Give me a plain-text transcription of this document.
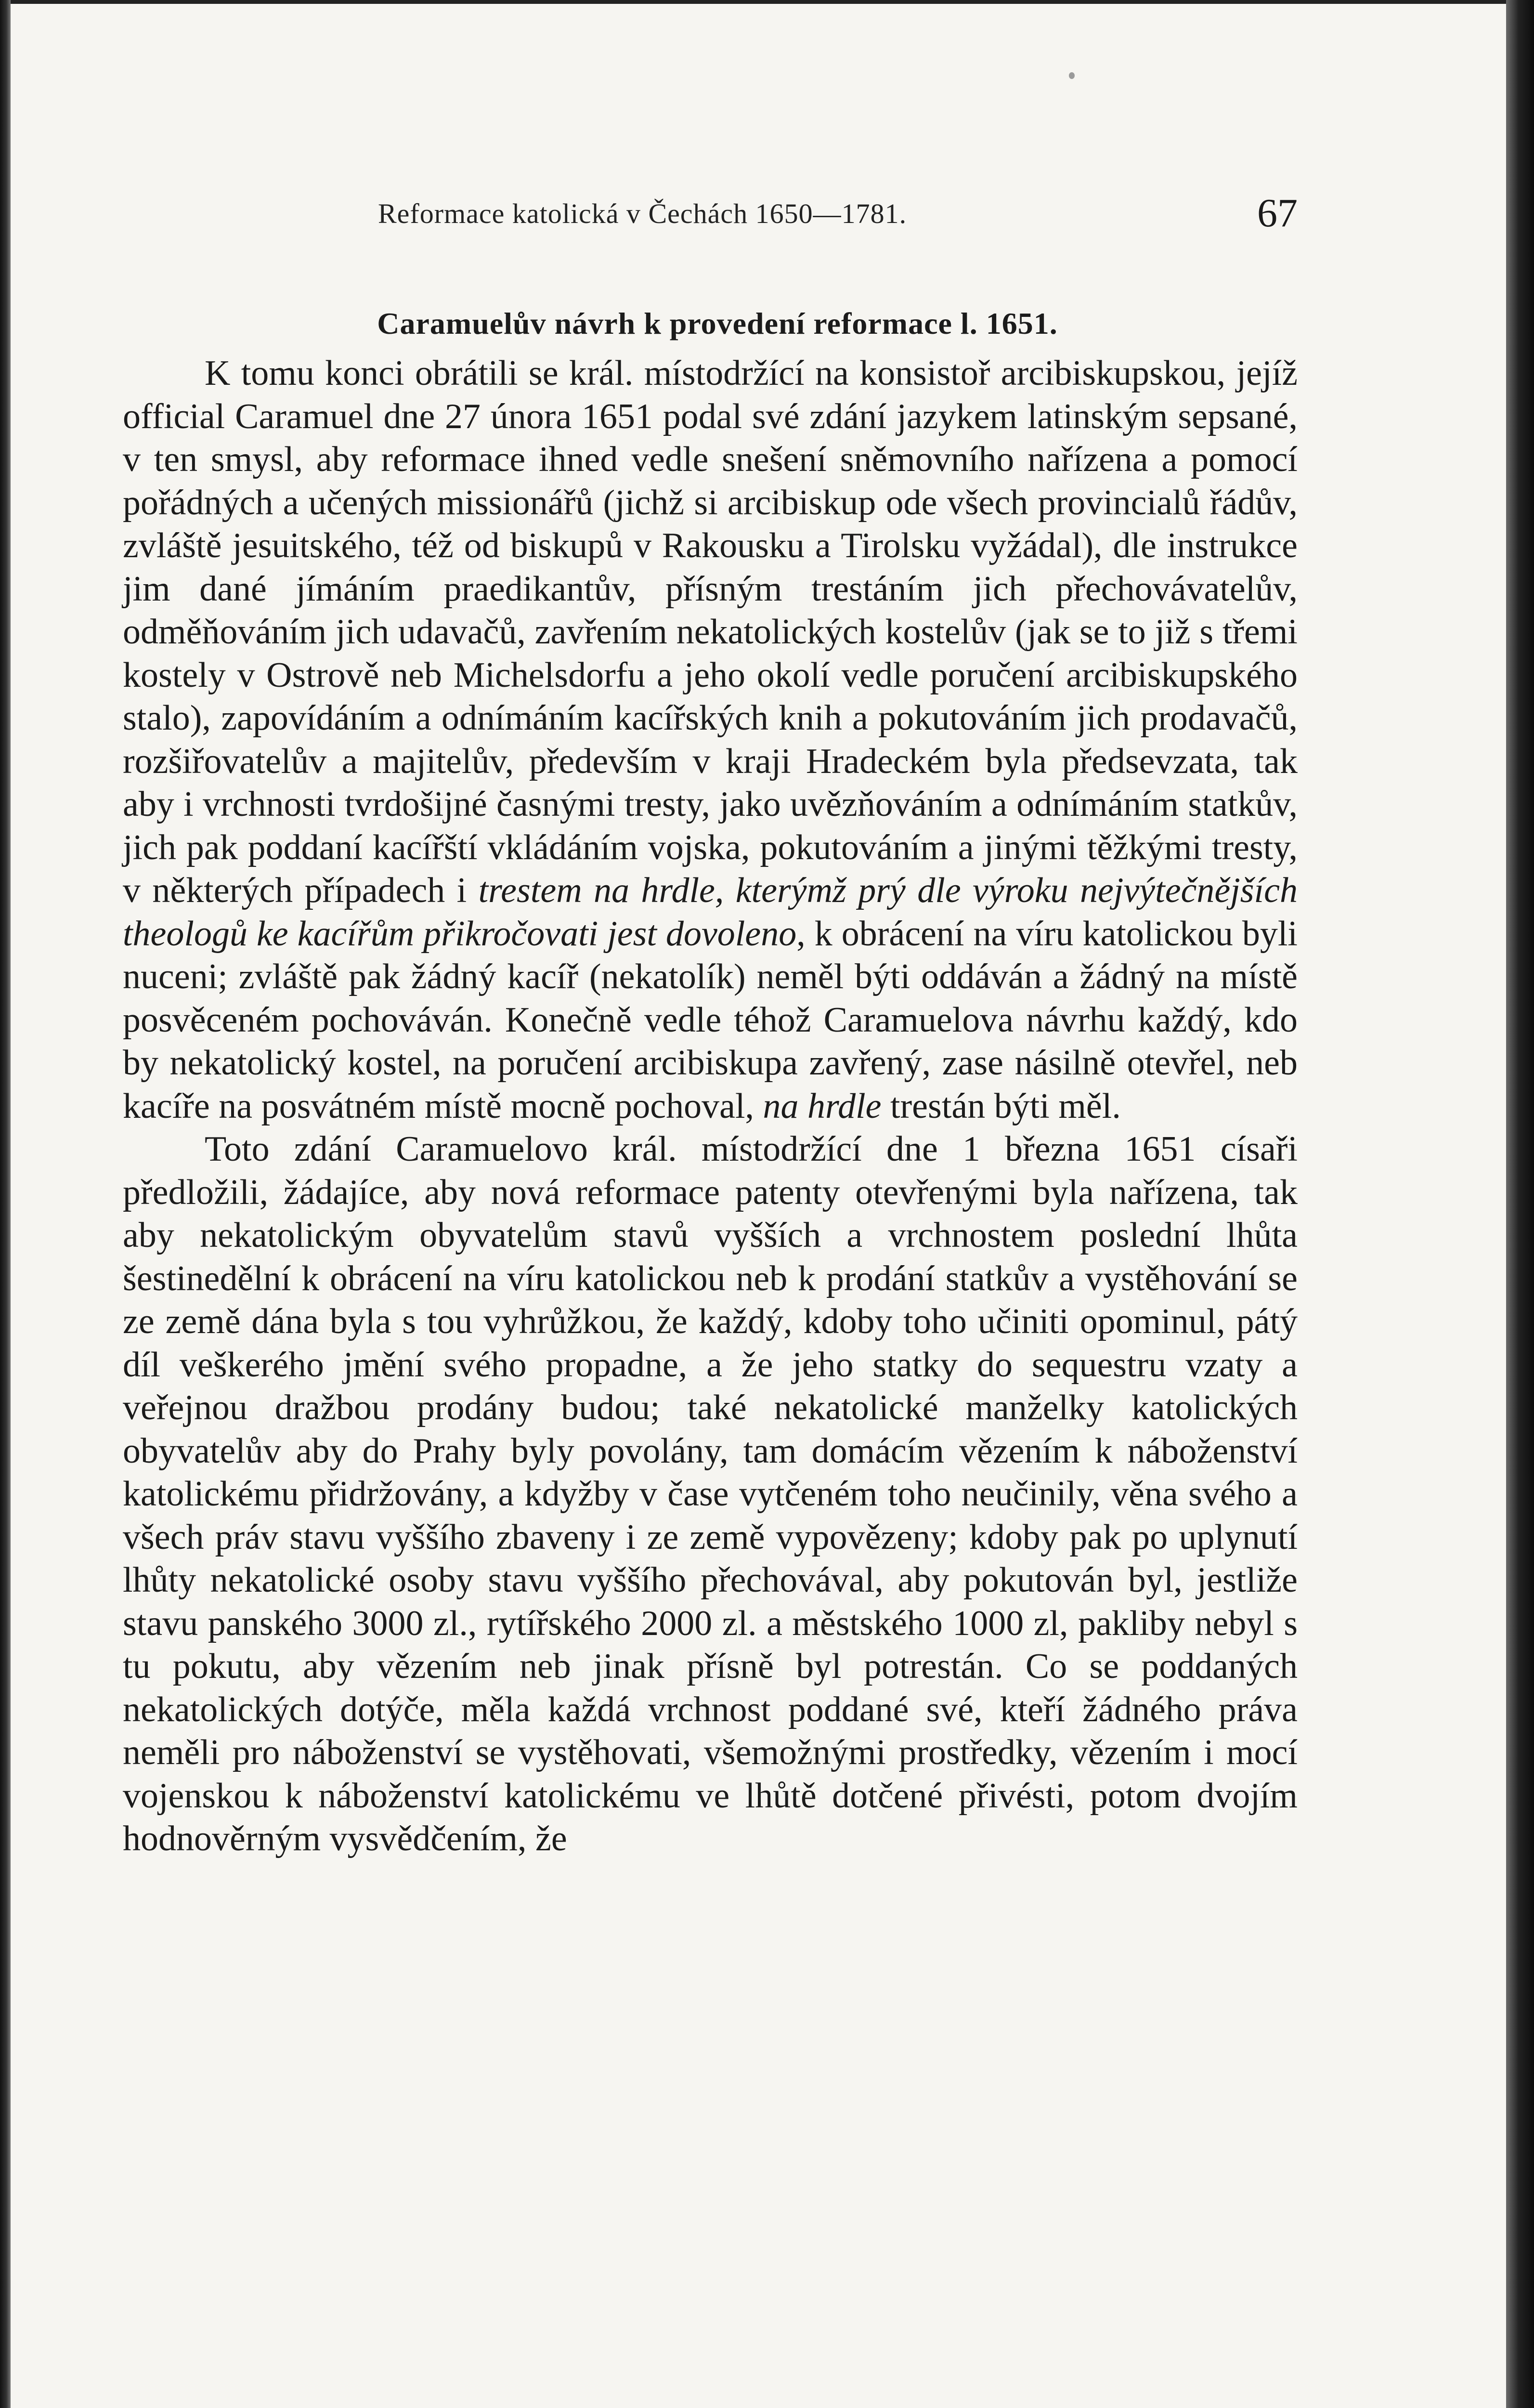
Reformace katolická v Čechách 1650—1781.	67
Caramuelův návrh k provedení reformace l. 1651.

K tomu konci obrátili se král. místodržící na konsistoř arcibiskupskou, jejíž official Caramuel dne 27 února 1651 podal své zdání jazykem latinským sepsané, v ten smysl, aby reformace ihned vedle snešení sněmovního nařízena a pomocí pořádných a učených missionářů (jichž si arcibiskup ode všech provincialů řádův, zvláště jesuitského, též od biskupů v Rakousku a Tirolsku vyžádal), dle instrukce jim dané jímáním praedikantův, přísným trestáním jich přechovávatelův, odměňováním jich udavačů, zavřením nekatolických kostelův (jak se to již s třemi kostely v Ostrově neb Michelsdorfu a jeho okolí vedle poručení arcibiskupského stalo), zapovídáním a odnímáním kacířských knih a pokutováním jich prodavačů, rozšiřovatelův a majitelův, především v kraji Hradeckém byla předsevzata, tak aby i vrchnosti tvrdošijné časnými tresty, jako uvězňováním a odnímáním statkův, jich pak poddaní kacířští vkládáním vojska, pokutováním a jinými těžkými tresty, v některých případech i trestem na hrdle, kterýmž prý dle výroku nejvýtečnějších theologů ke kacířům přikročovati jest dovoleno, k obrácení na víru katolickou byli nuceni; zvláště pak žádný kacíř (nekatolík) neměl býti oddáván a žádný na místě posvěceném pochováván. Konečně vedle téhož Caramuelova návrhu každý, kdo by nekatolický kostel, na poručení arcibiskupa zavřený, zase násilně otevřel, neb kacíře na posvátném místě mocně pochoval, na hrdle trestán býti měl.

Toto zdání Caramuelovo král. místodržící dne 1 března 1651 císaři předložili, žádajíce, aby nová reformace patenty otevřenými byla nařízena, tak aby nekatolickým obyvatelům stavů vyšších a vrchnostem poslední lhůta šestinedělní k obrácení na víru katolickou neb k prodání statkův a vystěhování se ze země dána byla s tou vyhrůžkou, že každý, kdoby toho učiniti opominul, pátý díl veškerého jmění svého propadne, a že jeho statky do sequestru vzaty a veřejnou dražbou prodány budou; také nekatolické manželky katolických obyvatelův aby do Prahy byly povolány, tam domácím vězením k náboženství katolickému přidržovány, a kdyžby v čase vytčeném toho neučinily, věna svého a všech práv stavu vyššího zbaveny i ze země vypovězeny; kdoby pak po uplynutí lhůty nekatolické osoby stavu vyššího přechovával, aby pokutován byl, jestliže stavu panského 3000 zl., rytířského 2000 zl. a městského 1000 zl, pakliby nebyl s tu pokutu, aby vězením neb jinak přísně byl potrestán. Co se poddaných nekatolických dotýče, měla každá vrchnost poddané své, kteří žádného práva neměli pro náboženství se vystěhovati, všemožnými prostředky, vězením i mocí vojenskou k náboženství katolickému ve lhůtě dotčené přivésti, potom dvojím hodnověrným vysvědčením, že
